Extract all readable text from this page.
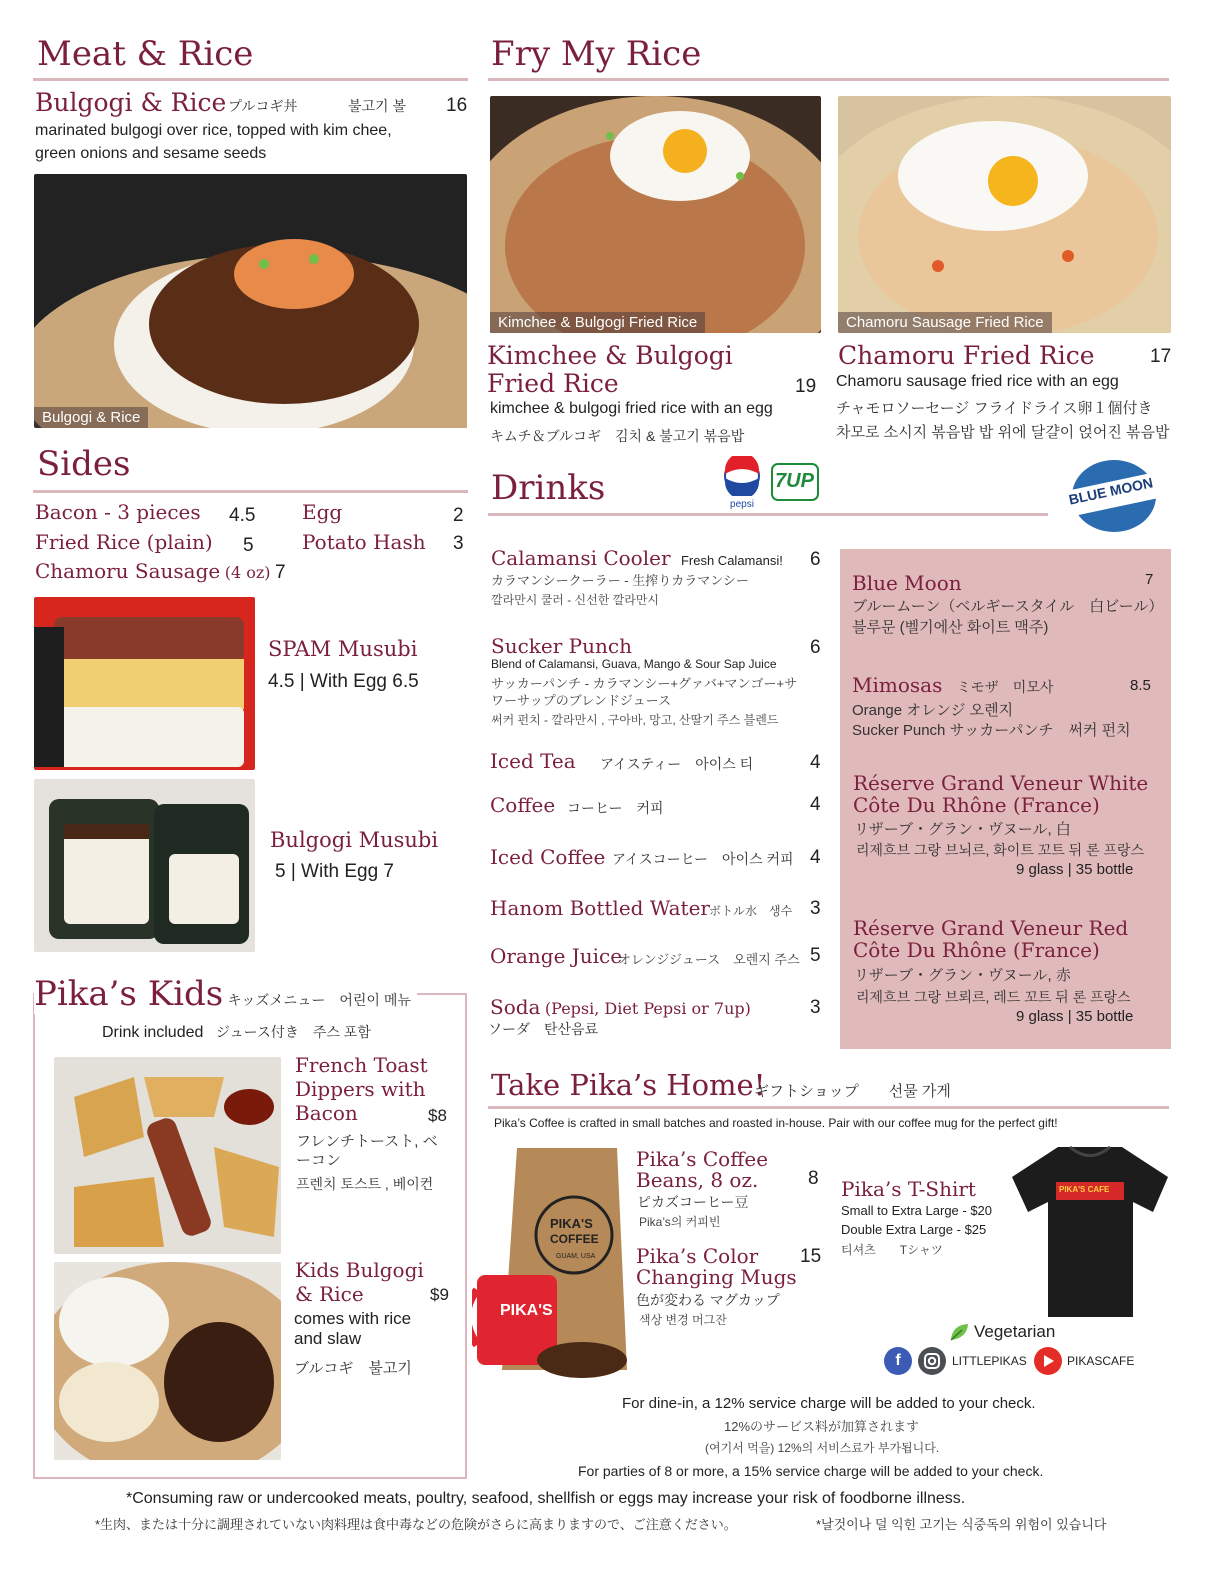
Meat & Rice
Bulgogi & Rice プルコギ丼	불고기 볼 16
marinated bulgogi over rice, topped with kim chee,
green onions and sesame seeds
Bulgogi & Rice
Sides
Bacon - 3 pieces 4.5 Egg	2
Fried Rice (plain) 5 Potato Hash 3
Chamoru Sausage (4 oz) 7
SPAM Musubi
4.5 | With Egg 6.5
Bulgogi Musubi
5 | With Egg 7
Pika’s Kids キッズメニュー　어린이 메뉴
Drink included ジュース付き　주스 포함
French Toast
Dippers with
Bacon	$8
フレンチトースト, ベ
ーコン
프렌치 토스트 , 베이컨
Kids Bulgogi
& Rice	$9
comes with rice
and slaw
ブルコギ　불고기
Fry My Rice
Kimchee & Bulgogi Fried Rice	Chamoru Sausage Fried Rice
Kimchee & Bulgogi
Fried Rice	19
kimchee & bulgogi fried rice with an egg
キムチ＆ブルコギ　김치 & 불고기 볶음밥
Chamoru Fried Rice	17
Chamoru sausage fried rice with an egg
チャモロソーセージ フライドライス卵１個付き
차모로 소시지 볶음밥 밥 위에 달걀이 얹어진 볶음밥
Drinks	pepsi
7UP	BLUE MOON
Calamansi Cooler Fresh Calamansi! 6
カラマンシークーラー - 生搾りカラマンシー
깔라만시 쿨러 - 신선한 깔라만시
Sucker Punch	6
Blend of Calamansi, Guava, Mango & Sour Sap Juice
サッカーパンチ - カラマンシー+グァバ+マンゴー+サ
ワーサップのブレンドジュース
써커 펀치 - 깔라만시 , 구아바, 망고, 산딸기 주스 블렌드
Iced Tea アイスティー　아이스 티	4
Coffee コーヒー　커피	4
Iced Coffee アイスコーヒー　아이스 커피 4
Hanom Bottled Water ボトル水　생수 3
Orange Juice
オレンジジュース　오렌지 주스 5
Soda (Pepsi, Diet Pepsi or 7up)	3
ソーダ　탄산음료
Blue Moon	7
ブルームーン（ベルギースタイル　白ビール）
블루문 (벨기에산 화이트 맥주)
Mimosas ミモザ　미모사	8.5
Orange オレンジ 오렌지
Sucker Punch サッカーパンチ　써커 펀치
Réserve Grand Veneur White
Côte Du Rhône (France)
リザーブ・グラン・ヴヌール, 白
리제흐브 그랑 브뇌르, 화이트 꼬트 뒤 론 프랑스
9 glass | 35 bottle
Réserve Grand Veneur Red
Côte Du Rhône (France)
リザーブ・グラン・ヴヌール, 赤
리제흐브 그랑 브뢰르, 레드 꼬트 뒤 론 프랑스
9 glass | 35 bottle
Take Pika’s Home!
ギフトショップ　　선물 가게
Pika’s Coffee is crafted in small batches and roasted in-house. Pair with our coffee mug for the perfect gift!
PIKA'S
COFFEE
GUAM, USA
PIKA'S
Pika’s Coffee
Beans, 8 oz.	8
ピカズコーヒー豆
Pika’s의 커피빈
Pika’s Color
Changing Mugs
15
色が変わる マグカップ
색상 변경 머그잔
Pika’s T-Shirt
Small to Extra Large - $20
Double Extra Large - $25
티셔츠　　Tシャツ
PIKA'S CAFE
Vegetarian
f	LITTLEPIKAS	PIKASCAFE
For dine-in, a 12% service charge will be added to your check.
12%のサービス料が加算されます
(여기서 먹을) 12%의 서비스료가 부가됩니다.
For parties of 8 or more, a 15% service charge will be added to your check.
*Consuming raw or undercooked meats, poultry, seafood, shellfish or eggs may increase your risk of foodborne illness.
*生肉、または十分に調理されていない肉料理は食中毒などの危険がさらに高まりますので、ご注意ください。	*날것이나 덜 익힌 고기는 식중독의 위험이 있습니다
